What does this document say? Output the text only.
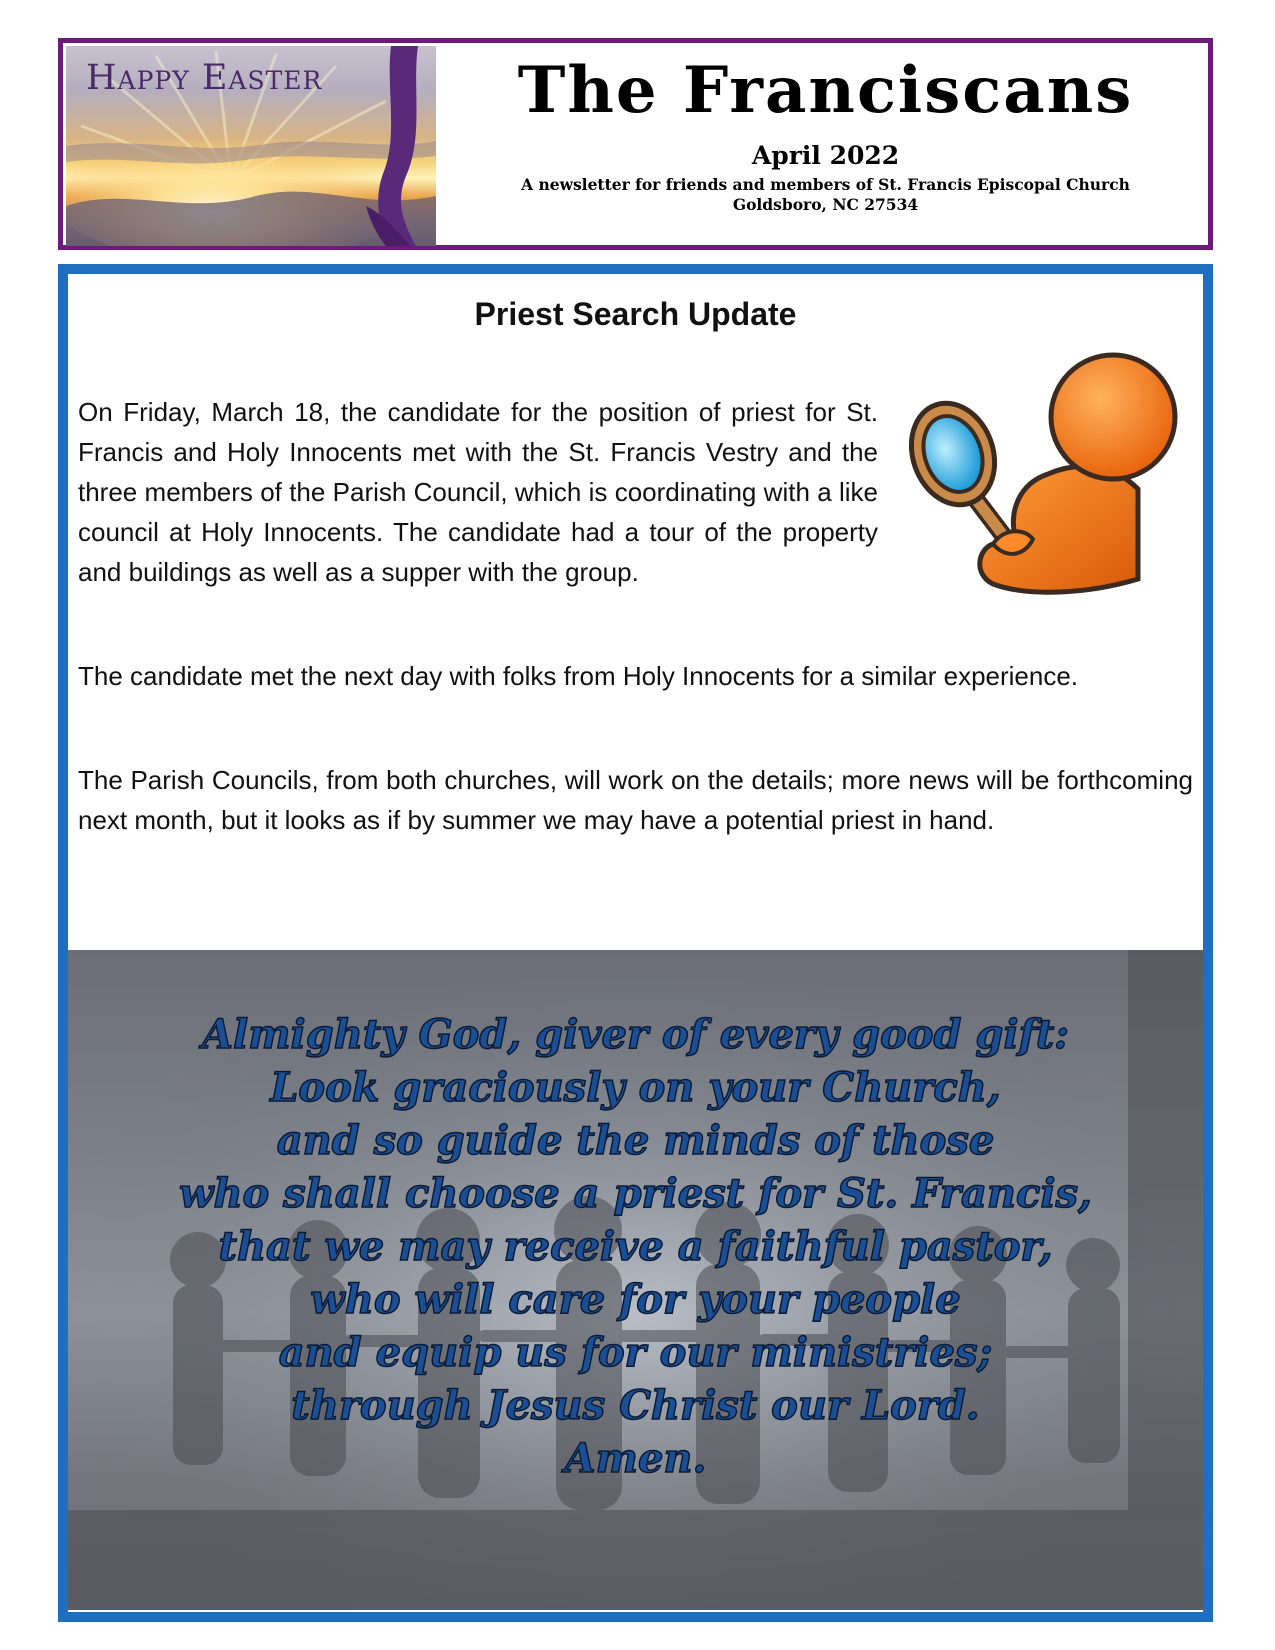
Happy Easter	The Franciscans
April 2022
A newsletter for friends and members of St. Francis Episcopal Church
Goldsboro, NC 27534
Priest Search Update

On Friday, March 18, the candidate for the position of priest for St. Francis and Holy Innocents met with the St. Francis Vestry and the three members of the Parish Council, which is coordinating with a like council at Holy Innocents. The candidate had a tour of the property and buildings as well as a supper with the group.

The candidate met the next day with folks from Holy Innocents for a similar experience.

The Parish Councils, from both churches, will work on the details; more news will be forthcoming next month, but it looks as if by summer we may have a potential priest in hand.

Almighty God, giver of every good gift:
Look graciously on your Church,
and so guide the minds of those
who shall choose a priest for St. Francis,
that we may receive a faithful pastor,
who will care for your people
and equip us for our ministries;
through Jesus Christ our Lord.
Amen.
